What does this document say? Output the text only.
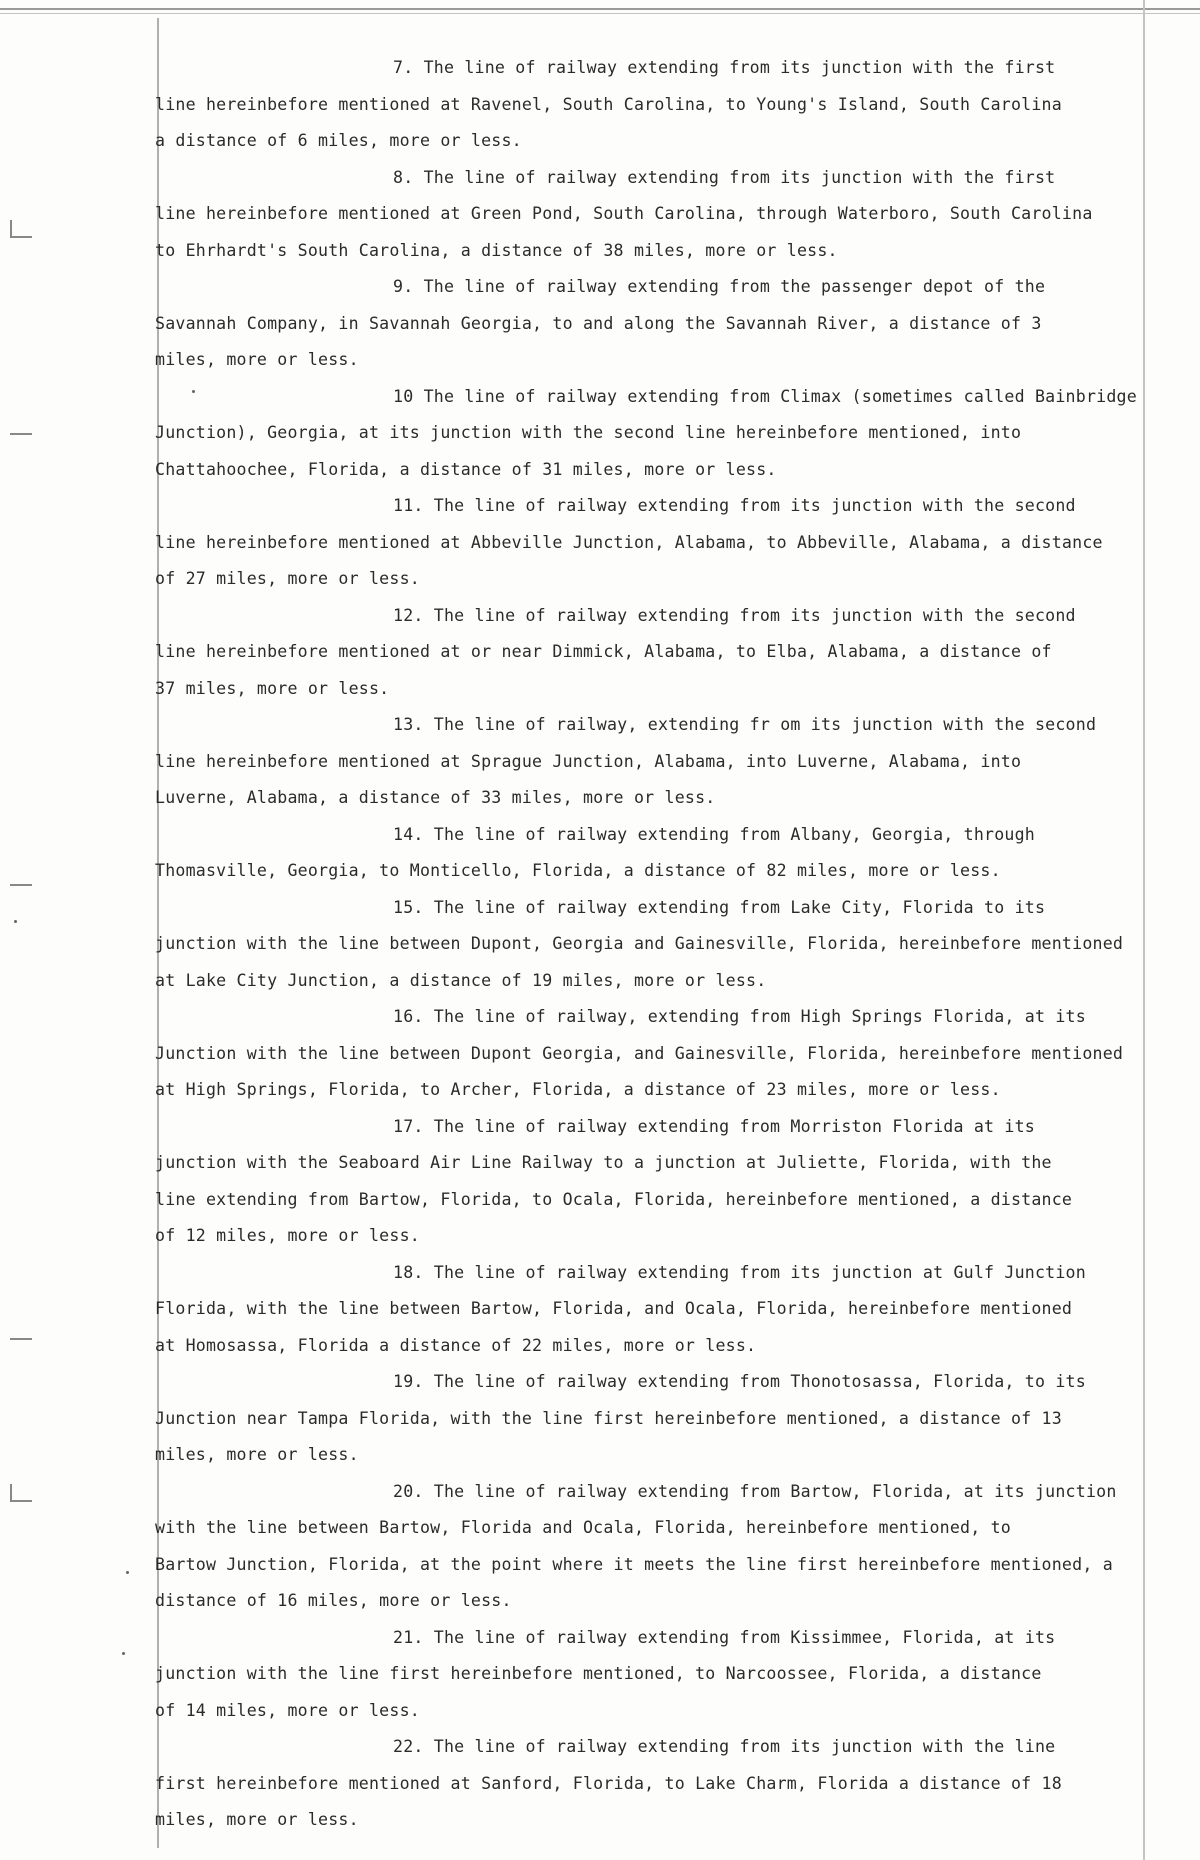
7. The line of railway extending from its junction with the first
line hereinbefore mentioned at Ravenel, South Carolina, to Young's Island, South Carolina
a distance of 6 miles, more or less.
8. The line of railway extending from its junction with the first
line hereinbefore mentioned at Green Pond, South Carolina, through Waterboro, South Carolina
to Ehrhardt's South Carolina, a distance of 38 miles, more or less.
9. The line of railway extending from the passenger depot of the
Savannah Company, in Savannah Georgia, to and along the Savannah River, a distance of 3
miles, more or less.
10 The line of railway extending from Climax (sometimes called Bainbridge
Junction), Georgia, at its junction with the second line hereinbefore mentioned, into
Chattahoochee, Florida, a distance of 31 miles, more or less.
11. The line of railway extending from its junction with the second
line hereinbefore mentioned at Abbeville Junction, Alabama, to Abbeville, Alabama, a distance
of 27 miles, more or less.
12. The line of railway extending from its junction with the second
line hereinbefore mentioned at or near Dimmick, Alabama, to Elba, Alabama, a distance of
37 miles, more or less.
13. The line of railway, extending fr om its junction with the second
line hereinbefore mentioned at Sprague Junction, Alabama, into Luverne, Alabama, into
Luverne, Alabama, a distance of 33 miles, more or less.
14. The line of railway extending from Albany, Georgia, through
Thomasville, Georgia, to Monticello, Florida, a distance of 82 miles, more or less.
15. The line of railway extending from Lake City, Florida to its
junction with the line between Dupont, Georgia and Gainesville, Florida, hereinbefore mentioned
at Lake City Junction, a distance of 19 miles, more or less.
16. The line of railway, extending from High Springs Florida, at its
Junction with the line between Dupont Georgia, and Gainesville, Florida, hereinbefore mentioned
at High Springs, Florida, to Archer, Florida, a distance of 23 miles, more or less.
17. The line of railway extending from Morriston Florida at its
junction with the Seaboard Air Line Railway to a junction at Juliette, Florida, with the
line extending from Bartow, Florida, to Ocala, Florida, hereinbefore mentioned, a distance
of 12 miles, more or less.
18. The line of railway extending from its junction at Gulf Junction
Florida, with the line between Bartow, Florida, and Ocala, Florida, hereinbefore mentioned
at Homosassa, Florida a distance of 22 miles, more or less.
19. The line of railway extending from Thonotosassa, Florida, to its
Junction near Tampa Florida, with the line first hereinbefore mentioned, a distance of 13
miles, more or less.
20. The line of railway extending from Bartow, Florida, at its junction
with the line between Bartow, Florida and Ocala, Florida, hereinbefore mentioned, to
Bartow Junction, Florida, at the point where it meets the line first hereinbefore mentioned, a
distance of 16 miles, more or less.
21. The line of railway extending from Kissimmee, Florida, at its
junction with the line first hereinbefore mentioned, to Narcoossee, Florida, a distance
of 14 miles, more or less.
22. The line of railway extending from its junction with the line
first hereinbefore mentioned at Sanford, Florida, to Lake Charm, Florida a distance of 18
miles, more or less.
